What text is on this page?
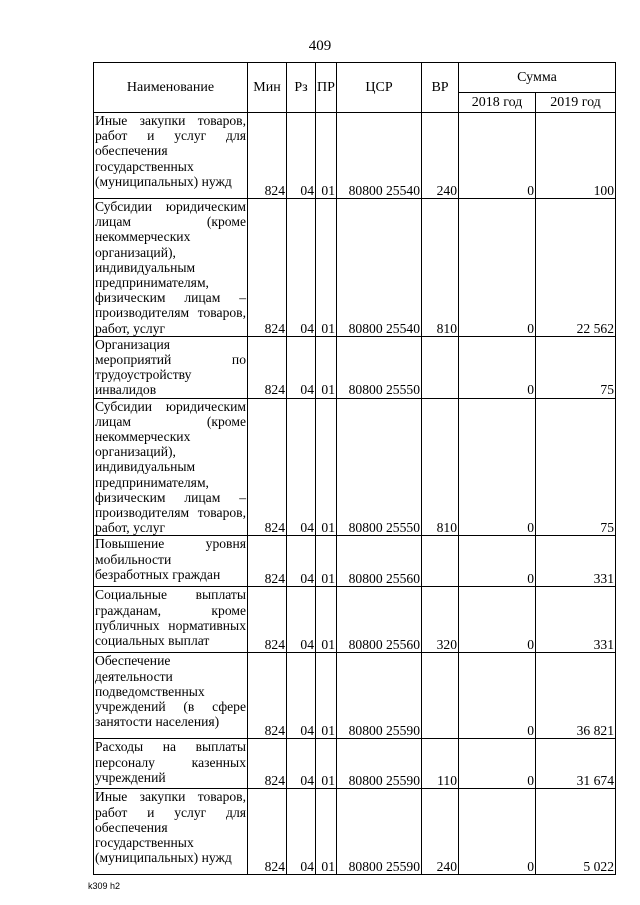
409
Наименование	Мин	Рз	ПР	ЦСР	ВР	Сумма	
						2018 год	2019 год
Иные закупки товаров, работ и услуг для обеспечения государственных (муниципальных) нужд	824	04	01	80800 25540	240	0	100
Субсидии юридическим лицам (кроме некоммерческих организаций), индивидуальным предпринимателям, физическим лицам – производителям товаров, работ, услуг	824	04	01	80800 25540	810	0	22 562
Организация мероприятий по трудоустройству инвалидов	824	04	01	80800 25550		0	75
Субсидии юридическим лицам (кроме некоммерческих организаций), индивидуальным предпринимателям, физическим лицам – производителям товаров, работ, услуг	824	04	01	80800 25550	810	0	75
Повышение уровня мобильности безработных граждан	824	04	01	80800 25560		0	331
Социальные выплаты гражданам, кроме публичных нормативных социальных выплат	824	04	01	80800 25560	320	0	331
Обеспечение деятельности подведомственных учреждений (в сфере занятости населения)	824	04	01	80800 25590		0	36 821
Расходы на выплаты персоналу казенных учреждений	824	04	01	80800 25590	110	0	31 674
Иные закупки товаров, работ и услуг для обеспечения государственных (муниципальных) нужд	824	04	01	80800 25590	240	0	5 022
k309 h2
